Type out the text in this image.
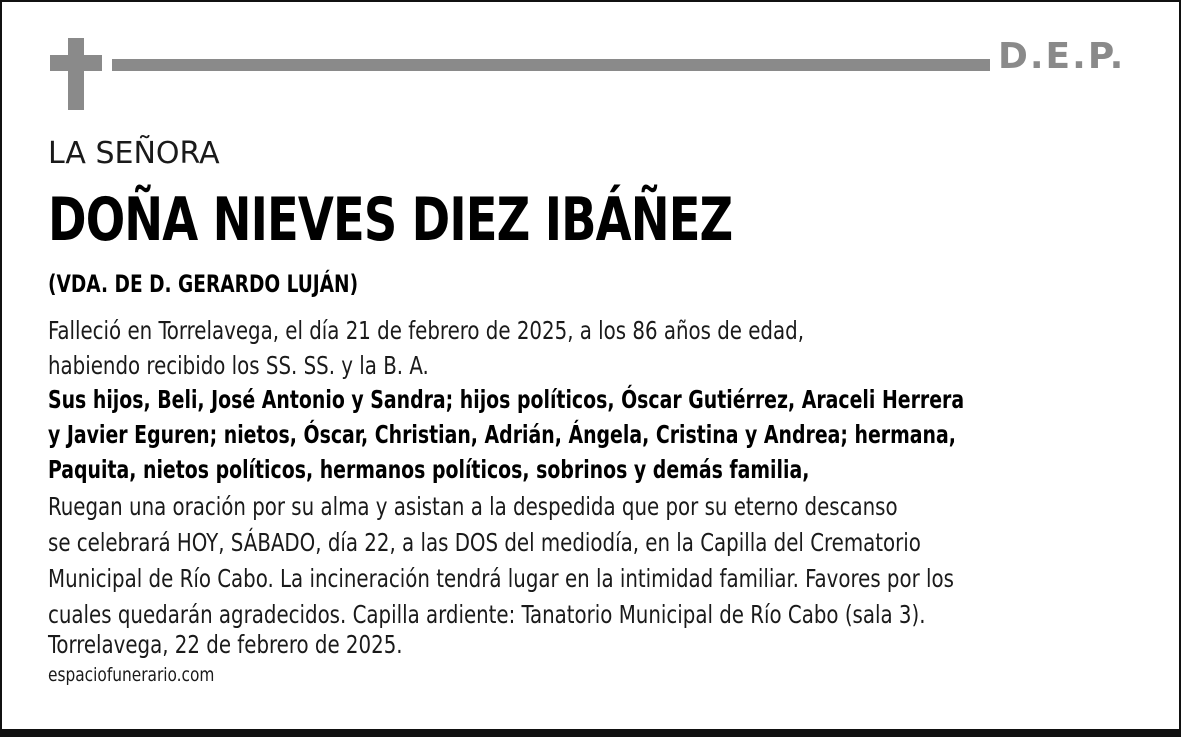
D.E.P.
LA SEÑORA
DOÑA NIEVES DIEZ IBÁÑEZ
(VDA. DE D. GERARDO LUJÁN)
Falleció en Torrelavega, el día 21 de febrero de 2025, a los 86 años de edad,
habiendo recibido los SS. SS. y la B. A.
Sus hijos, Beli, José Antonio y Sandra; hijos políticos, Óscar Gutiérrez, Araceli Herrera
y Javier Eguren; nietos, Óscar, Christian, Adrián, Ángela, Cristina y Andrea; hermana,
Paquita, nietos políticos, hermanos políticos, sobrinos y demás familia,
Ruegan una oración por su alma y asistan a la despedida que por su eterno descanso
se celebrará HOY, SÁBADO, día 22, a las DOS del mediodía, en la Capilla del Crematorio
Municipal de Río Cabo. La incineración tendrá lugar en la intimidad familiar. Favores por los
cuales quedarán agradecidos. Capilla ardiente: Tanatorio Municipal de Río Cabo (sala 3).
Torrelavega, 22 de febrero de 2025.
espaciofunerario.com
